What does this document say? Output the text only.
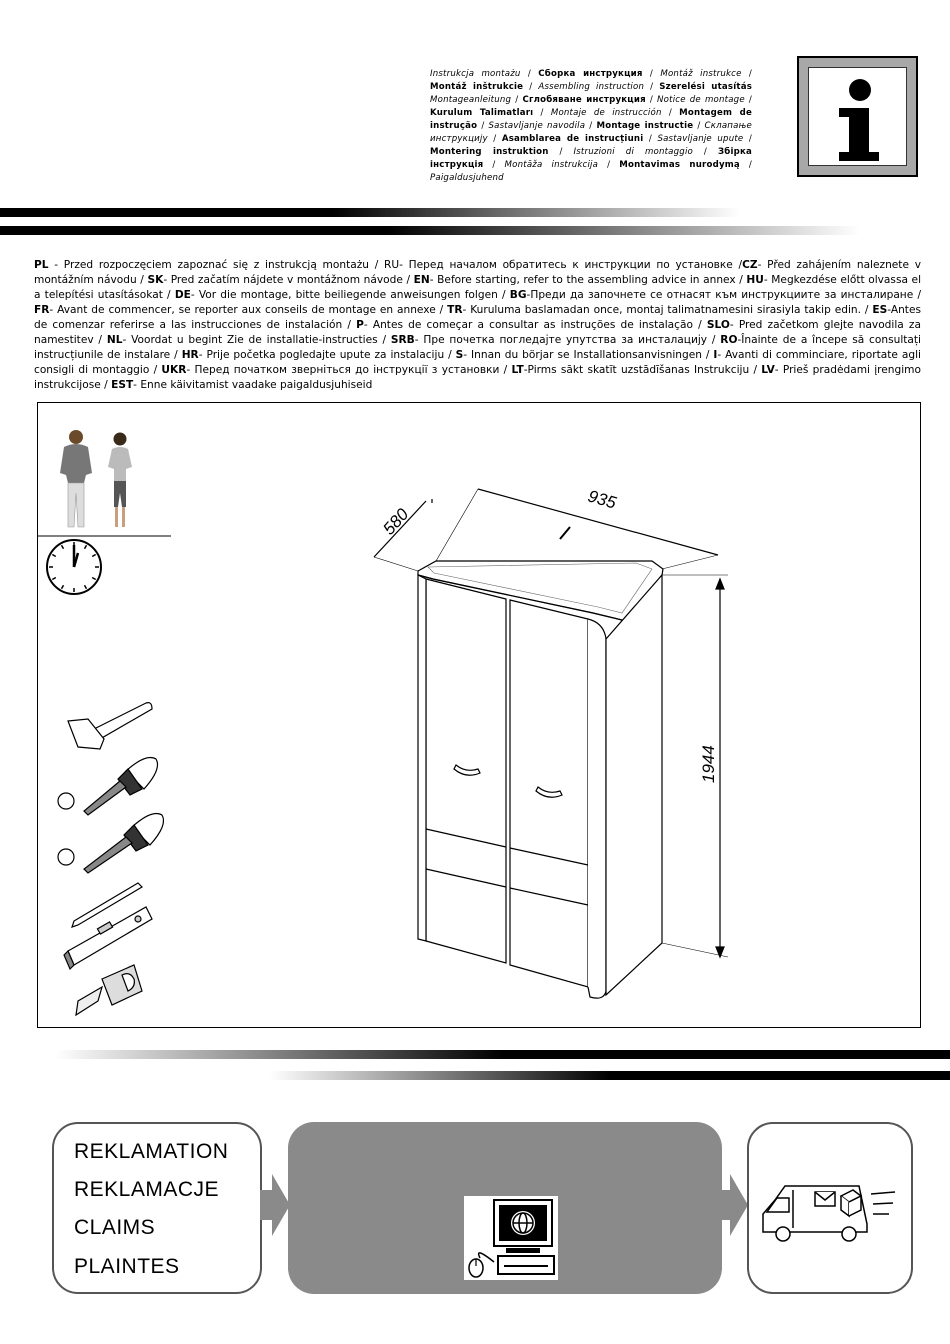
Instrukcja montażu / Сборка инструкция / Montáž instrukce / Montáž inštrukcie / Assembling instruction / Szerelési utasítás Montageanleitung / Сглобяване инструкция / Notice de montage / Kurulum Talimatları / Montaje de instrucción / Montagem de instrução / Sastavljanje navodila / Montage instructie / Склапање инструкцију / Asamblarea de instrucțiuni / Sastavljanje upute / Montering instruktion / Istruzioni di montaggio / Збірка інструкція / Montāža instrukcija / Montavimas nurodymą / Paigaldusjuhend
PL - Przed rozpoczęciem zapoznać się z instrukcją montażu / RU- Перед началом обратитесь к инструкции по установке /CZ- Před zahájením naleznete v montážním návodu / SK- Pred začatím nájdete v montážnom návode / EN- Before starting, refer to the assembling advice in annex / HU- Megkezdése előtt olvassa el a telepítési utasításokat / DE- Vor die montage, bitte beiliegende anweisungen folgen / BG-Преди да започнете се отнасят към инструкциите за инсталиране / FR- Avant de commencer, se reporter aux conseils de montage en annexe / TR- Kuruluma baslamadan once, montaj talimatnamesini sirasiyla takip edin. / ES-Antes de comenzar referirse a las instrucciones de instalación / P- Antes de começar a consultar as instruções de instalação / SLO- Pred začetkom glejte navodila za namestitev / NL- Voordat u begint Zie de installatie-instructies / SRB- Пре почетка погледајте упутства за инсталацију / RO-Înainte de a începe să consultați instrucțiunile de instalare / HR- Prije početka pogledajte upute za instalaciju / S- Innan du börjar se Installationsanvisningen / I- Avanti di comminciare, riportate agli consigli di montaggio / UKR- Перед початком зверніться до інструкції з установки / LT-Pirms sākt skatīt uzstādīšanas Instrukciju / LV- Prieš pradėdami įrengimo instrukcijose / EST- Enne käivitamist vaadake paigaldusjuhiseid
580
935
1944
REKLAMATION
REKLAMACJE
CLAIMS
PLAINTES
